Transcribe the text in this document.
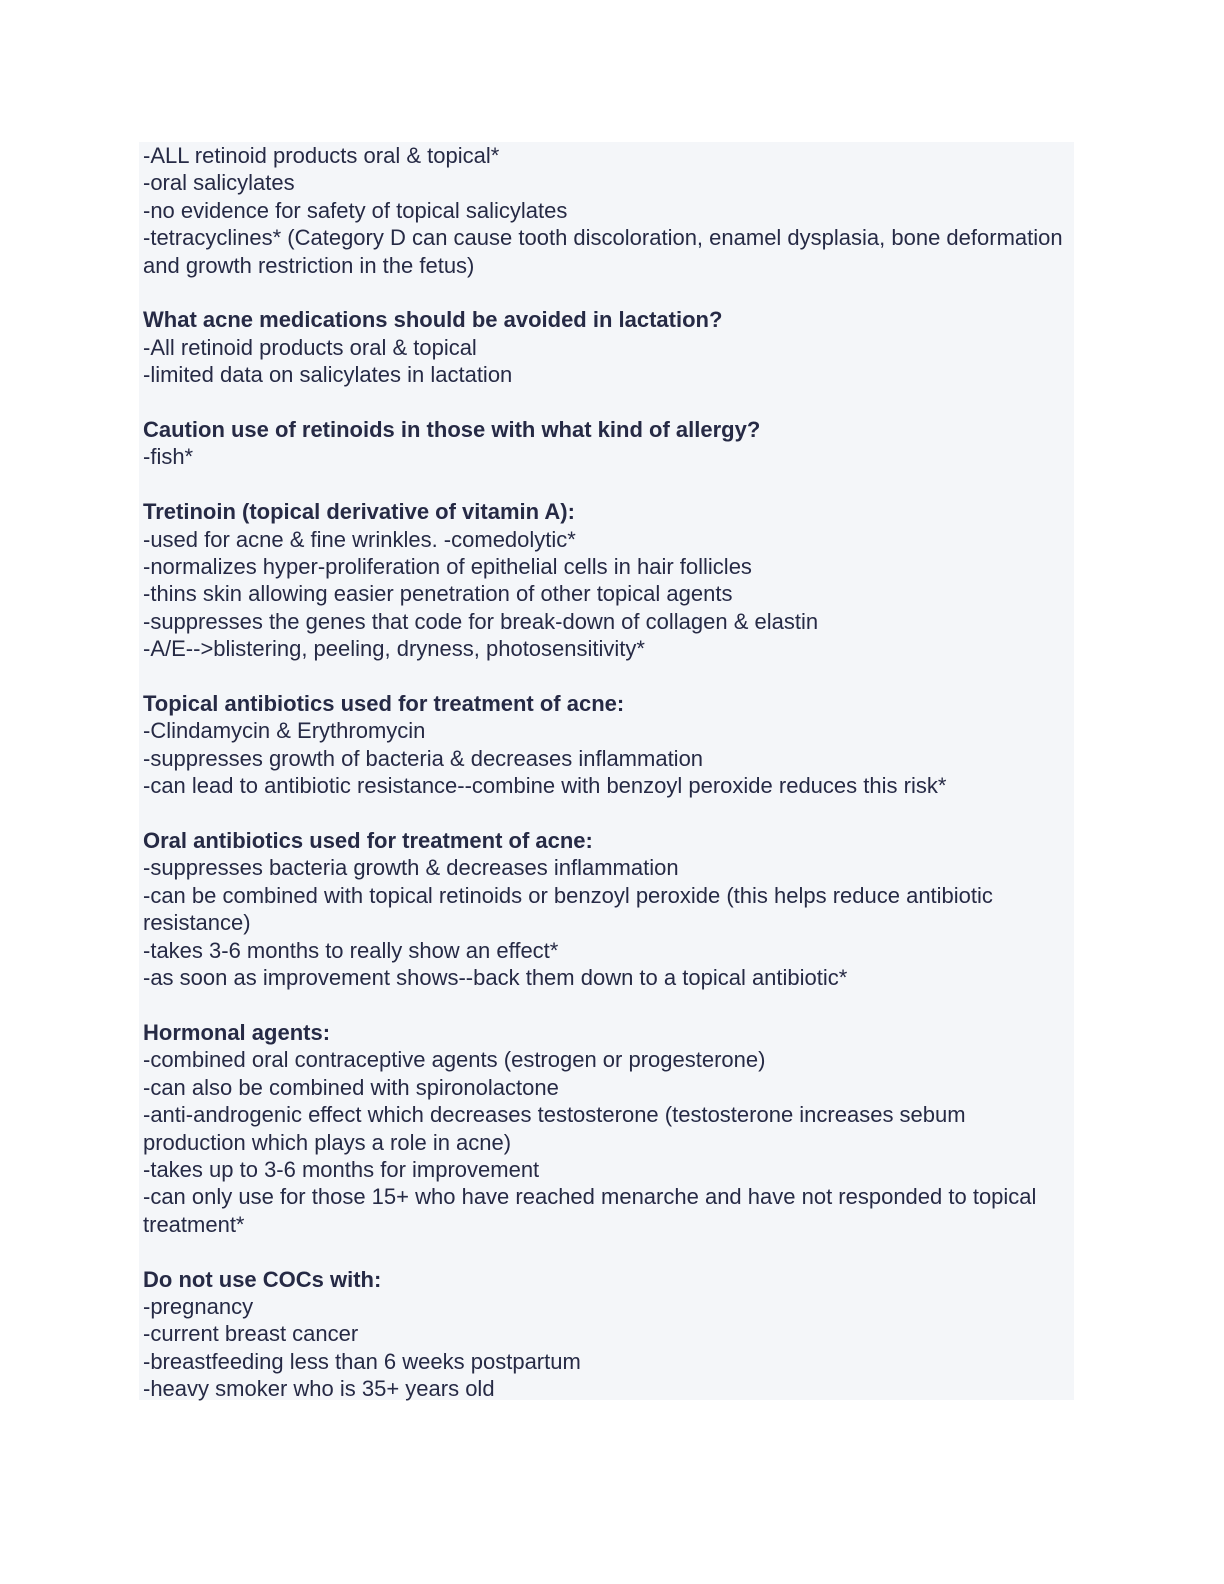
-ALL retinoid products oral & topical*
-oral salicylates
-no evidence for safety of topical salicylates
-tetracyclines* (Category D can cause tooth discoloration, enamel dysplasia, bone deformation and growth restriction in the fetus)
What acne medications should be avoided in lactation?
-All retinoid products oral & topical
-limited data on salicylates in lactation
Caution use of retinoids in those with what kind of allergy?
-fish*
Tretinoin (topical derivative of vitamin A):
-used for acne & fine wrinkles. -comedolytic*
-normalizes hyper-proliferation of epithelial cells in hair follicles
-thins skin allowing easier penetration of other topical agents
-suppresses the genes that code for break-down of collagen & elastin
-A/E-->blistering, peeling, dryness, photosensitivity*
Topical antibiotics used for treatment of acne:
-Clindamycin & Erythromycin
-suppresses growth of bacteria & decreases inflammation
-can lead to antibiotic resistance--combine with benzoyl peroxide reduces this risk*
Oral antibiotics used for treatment of acne:
-suppresses bacteria growth & decreases inflammation
-can be combined with topical retinoids or benzoyl peroxide (this helps reduce antibiotic resistance)
-takes 3-6 months to really show an effect*
-as soon as improvement shows--back them down to a topical antibiotic*
Hormonal agents:
-combined oral contraceptive agents (estrogen or progesterone)
-can also be combined with spironolactone
-anti-androgenic effect which decreases testosterone (testosterone increases sebum production which plays a role in acne)
-takes up to 3-6 months for improvement
-can only use for those 15+ who have reached menarche and have not responded to topical treatment*
Do not use COCs with:
-pregnancy
-current breast cancer
-breastfeeding less than 6 weeks postpartum
-heavy smoker who is 35+ years old
